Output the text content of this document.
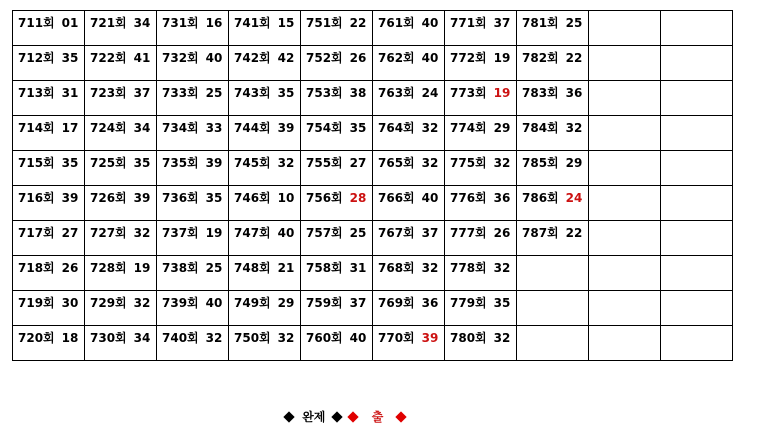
711회 01	721회 34	731회 16	741회 15	751회 22	761회 40	771회 37	781회 25		
712회 35	722회 41	732회 40	742회 42	752회 26	762회 40	772회 19	782회 22		
713회 31	723회 37	733회 25	743회 35	753회 38	763회 24	773회 19	783회 36		
714회 17	724회 34	734회 33	744회 39	754회 35	764회 32	774회 29	784회 32		
715회 35	725회 35	735회 39	745회 32	755회 27	765회 32	775회 32	785회 29		
716회 39	726회 39	736회 35	746회 10	756회 28	766회 40	776회 36	786회 24		
717회 27	727회 32	737회 19	747회 40	757회 25	767회 37	777회 26	787회 22		
718회 26	728회 19	738회 25	748회 21	758회 31	768회 32	778회 32			
719회 30	729회 32	739회 40	749회 29	759회 37	769회 36	779회 35			
720회 18	730회 34	740회 32	750회 32	760회 40	770회 39	780회 32			
완제	출
